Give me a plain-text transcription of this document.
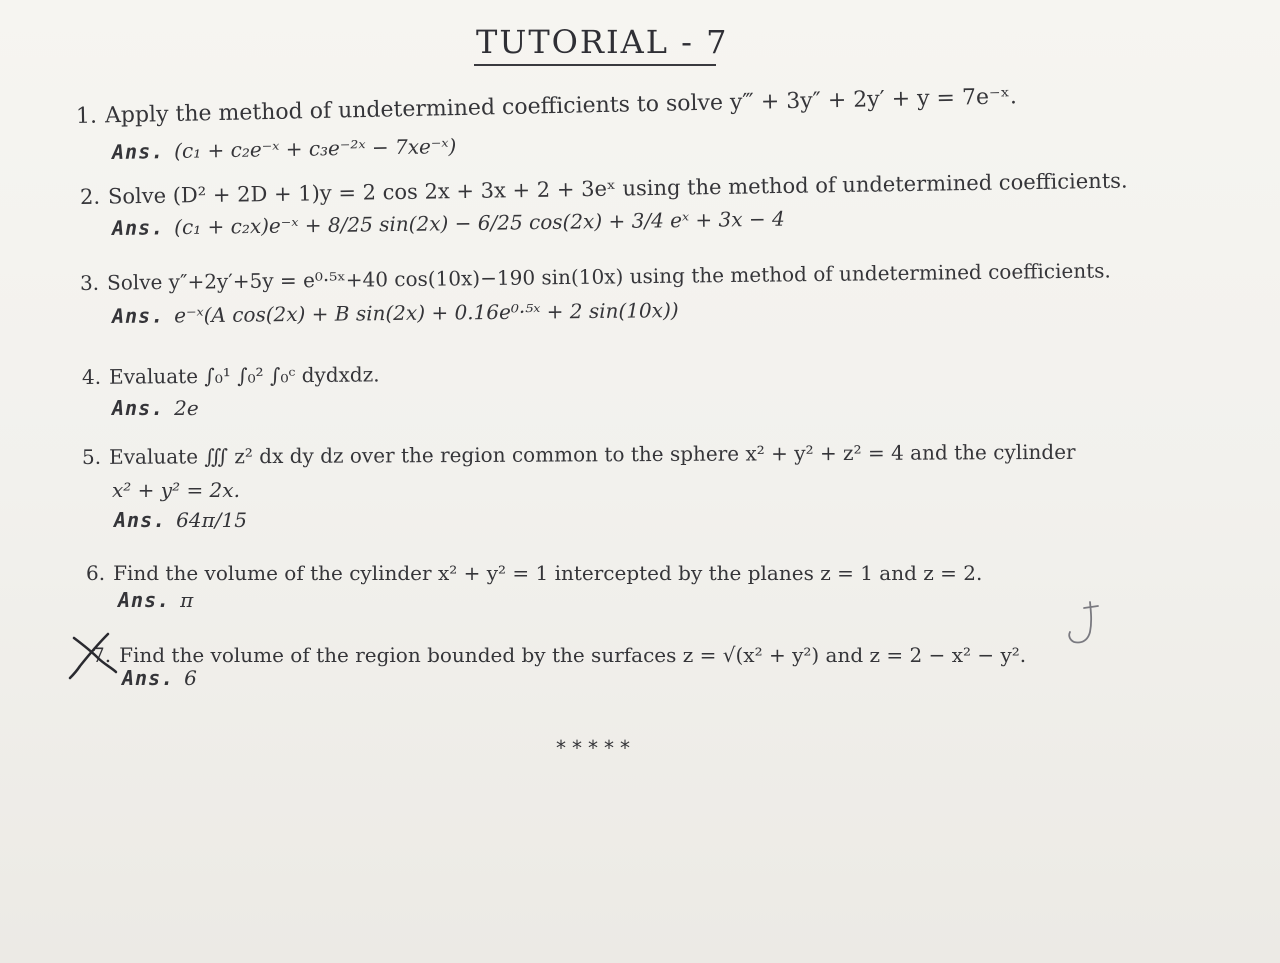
TUTORIAL - 7
1. Apply the method of undetermined coefficients to solve y‴ + 3y″ + 2y′ + y = 7e⁻ˣ.
Ans. (c₁ + c₂e⁻ˣ + c₃e⁻²ˣ − 7xe⁻ˣ)
2. Solve (D² + 2D + 1)y = 2 cos 2x + 3x + 2 + 3eˣ using the method of undetermined coefficients.
Ans. (c₁ + c₂x)e⁻ˣ + 8/25 sin(2x) − 6/25 cos(2x) + 3/4 eˣ + 3x − 4
3. Solve y″+2y′+5y = e⁰·⁵ˣ+40 cos(10x)−190 sin(10x) using the method of undetermined coefficients.
Ans. e⁻ˣ(A cos(2x) + B sin(2x) + 0.16e⁰·⁵ˣ + 2 sin(10x))
4. Evaluate ∫₀¹ ∫₀² ∫₀ᶜ dydxdz.
Ans. 2e
5. Evaluate ∭ z² dx dy dz over the region common to the sphere x² + y² + z² = 4 and the cylinder
x² + y² = 2x.
Ans. 64π/15
6. Find the volume of the cylinder x² + y² = 1 intercepted by the planes z = 1 and z = 2.
Ans. π
7. Find the volume of the region bounded by the surfaces z = √(x² + y²) and z = 2 − x² − y².
Ans. 6
*****
